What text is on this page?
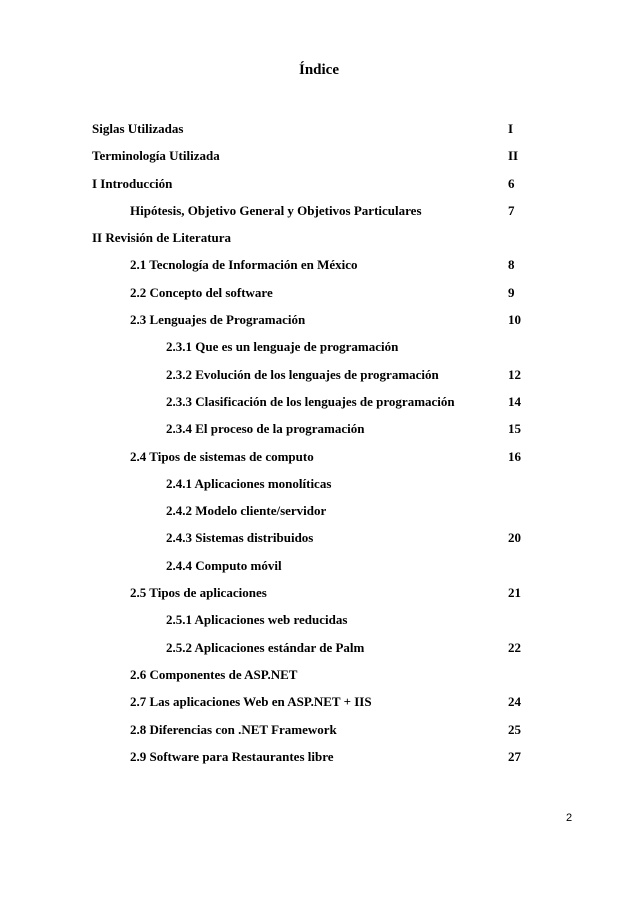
Índice
Siglas Utilizadas	I
Terminología Utilizada	II
I Introducción	6
Hipótesis, Objetivo General y Objetivos Particulares	7
II Revisión de Literatura
2.1 Tecnología de Información en México	8
2.2 Concepto del software	9
2.3 Lenguajes de Programación	10
2.3.1 Que es un lenguaje de programación
2.3.2 Evolución de los lenguajes de programación	12
2.3.3 Clasificación de los lenguajes de programación	14
2.3.4 El proceso de la programación	15
2.4 Tipos de sistemas de computo	16
2.4.1 Aplicaciones monolíticas
2.4.2 Modelo cliente/servidor
2.4.3 Sistemas distribuidos	20
2.4.4 Computo móvil
2.5 Tipos de aplicaciones	21
2.5.1 Aplicaciones web reducidas
2.5.2 Aplicaciones estándar de Palm	22
2.6 Componentes de ASP.NET
2.7 Las aplicaciones Web en ASP.NET + IIS	24
2.8 Diferencias con .NET Framework	25
2.9 Software para Restaurantes libre	27
2
